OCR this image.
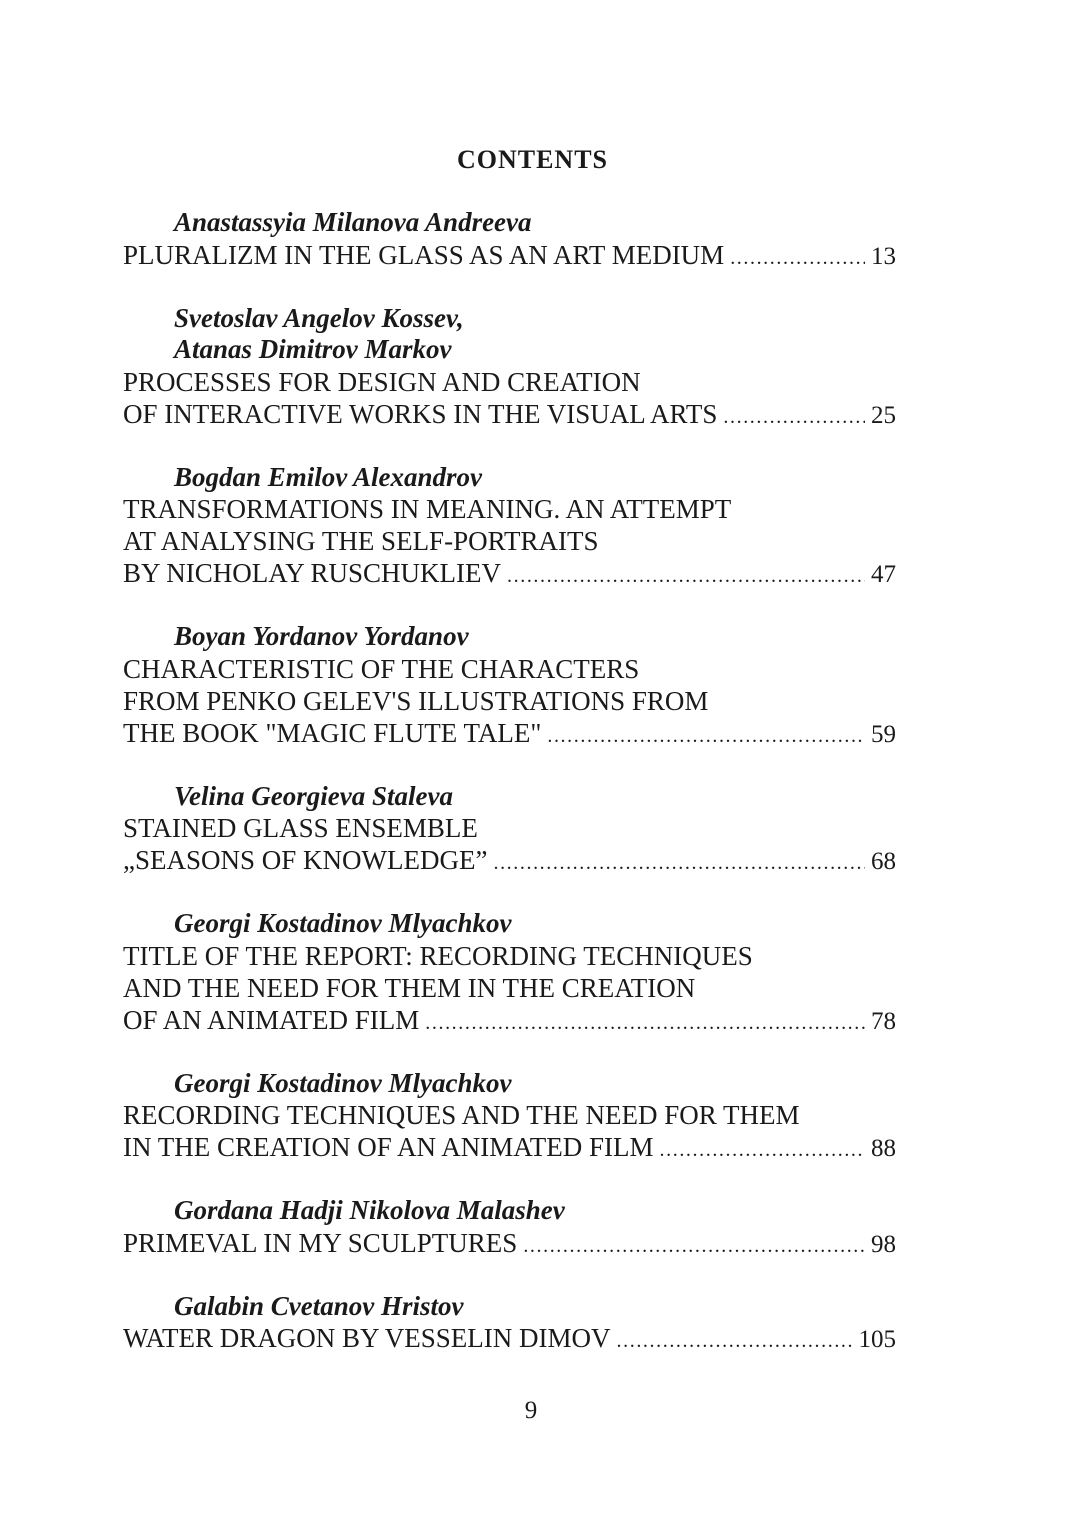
CONTENTS
Anastassyia Milanova Andreeva
PLURALIZM IN THE GLASS AS AN ART MEDIUM .....	13
Svetoslav Angelov Kossev,
Atanas Dimitrov Markov
PROCESSES FOR DESIGN AND CREATION
OF INTERACTIVE WORKS IN THE VISUAL ARTS .....	25
Bogdan Emilov Alexandrov
TRANSFORMATIONS IN MEANING. AN ATTEMPT
AT ANALYSING THE SELF-PORTRAITS
BY NICHOLAY RUSCHUKLIEV .....	47
Boyan Yordanov Yordanov
CHARACTERISTIC OF THE CHARACTERS
FROM PENKO GELEV'S ILLUSTRATIONS FROM
THE BOOK "MAGIC FLUTE TALE" .....	59
Velina Georgieva Staleva
STAINED GLASS ENSEMBLE
„SEASONS OF KNOWLEDGE” .....	68
Georgi Kostadinov Mlyachkov
TITLE OF THE REPORT: RECORDING TECHNIQUES
AND THE NEED FOR THEM IN THE CREATION
OF AN ANIMATED FILM .....	78
Georgi Kostadinov Mlyachkov
RECORDING TECHNIQUES AND THE NEED FOR THEM
IN THE CREATION OF AN ANIMATED FILM .....	88
Gordana Hadji Nikolova Malashev
PRIMEVAL IN MY SCULPTURES .....	98
Galabin Cvetanov Hristov
WATER DRAGON BY VESSELIN DIMOV .....	105
9
